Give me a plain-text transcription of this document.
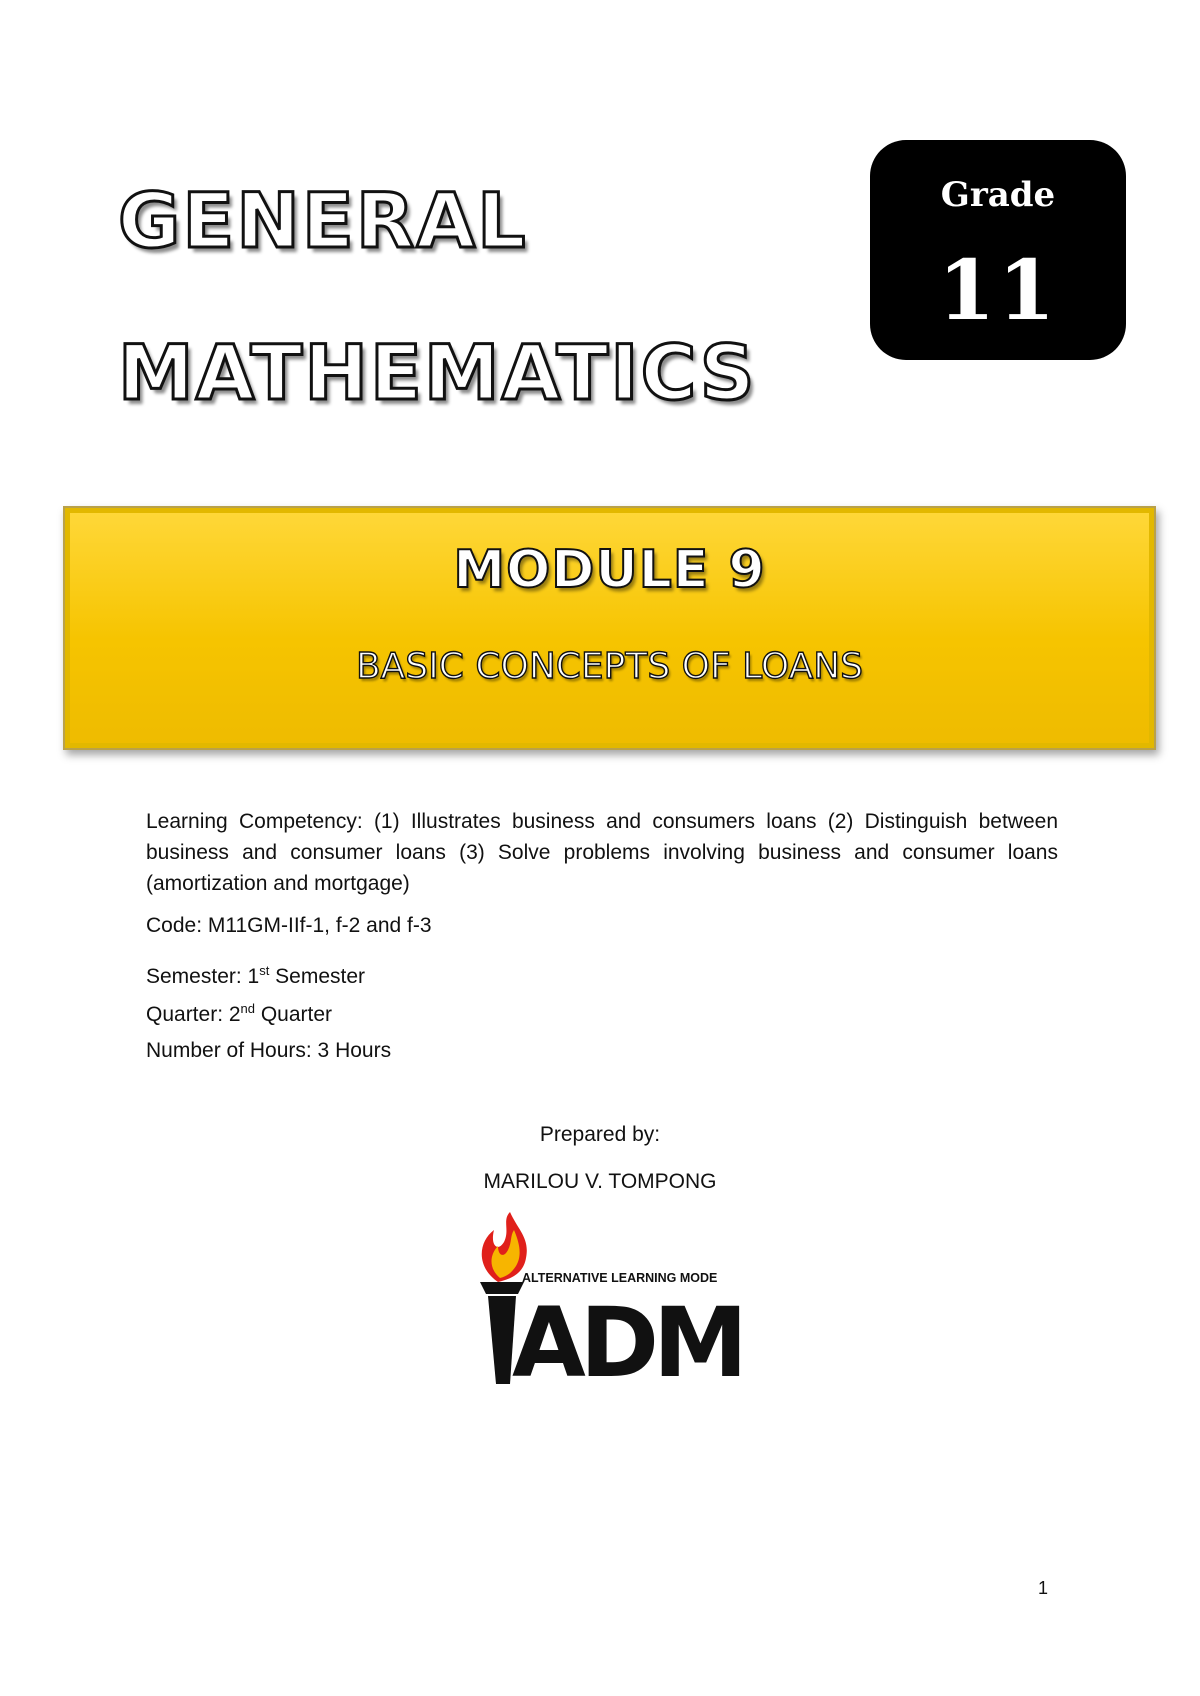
GENERAL
MATHEMATICS
Grade
11
MODULE 9
BASIC CONCEPTS OF LOANS
Learning Competency: (1) Illustrates business and consumers loans (2) Distinguish between business and consumer loans (3) Solve problems involving business and consumer loans (amortization and mortgage)
Code: M11GM-IIf-1, f-2 and f-3
Semester: 1st Semester
Quarter: 2nd Quarter
Number of Hours: 3 Hours
Prepared by:
MARILOU V. TOMPONG
ALTERNATIVE LEARNING MODE
ADM
1
